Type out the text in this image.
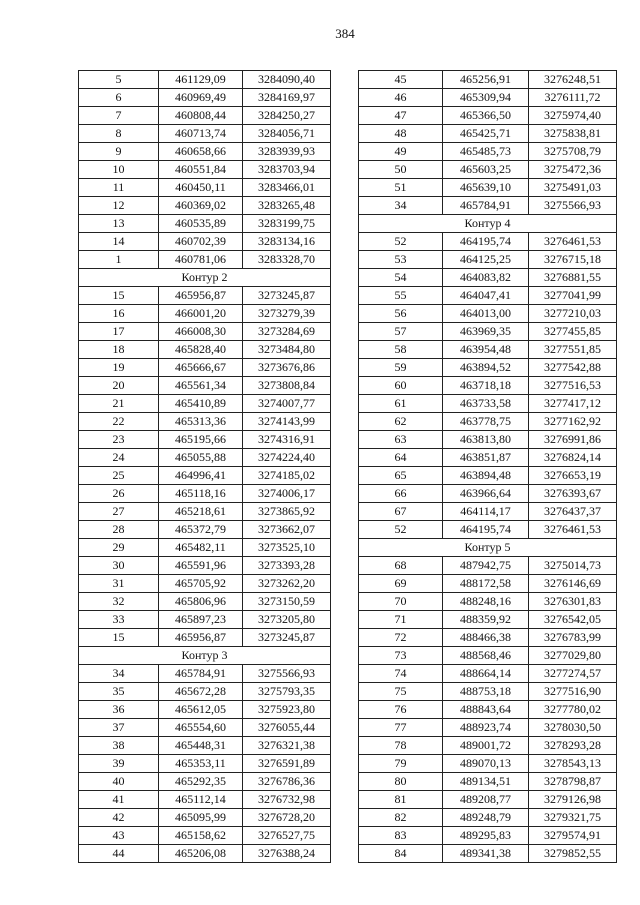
384
5	461129,09	3284090,40
6	460969,49	3284169,97
7	460808,44	3284250,27
8	460713,74	3284056,71
9	460658,66	3283939,93
10	460551,84	3283703,94
11	460450,11	3283466,01
12	460369,02	3283265,48
13	460535,89	3283199,75
14	460702,39	3283134,16
1	460781,06	3283328,70
Контур 2		
15	465956,87	3273245,87
16	466001,20	3273279,39
17	466008,30	3273284,69
18	465828,40	3273484,80
19	465666,67	3273676,86
20	465561,34	3273808,84
21	465410,89	3274007,77
22	465313,36	3274143,99
23	465195,66	3274316,91
24	465055,88	3274224,40
25	464996,41	3274185,02
26	465118,16	3274006,17
27	465218,61	3273865,92
28	465372,79	3273662,07
29	465482,11	3273525,10
30	465591,96	3273393,28
31	465705,92	3273262,20
32	465806,96	3273150,59
33	465897,23	3273205,80
15	465956,87	3273245,87
Контур 3		
34	465784,91	3275566,93
35	465672,28	3275793,35
36	465612,05	3275923,80
37	465554,60	3276055,44
38	465448,31	3276321,38
39	465353,11	3276591,89
40	465292,35	3276786,36
41	465112,14	3276732,98
42	465095,99	3276728,20
43	465158,62	3276527,75
44	465206,08	3276388,24
45	465256,91	3276248,51
46	465309,94	3276111,72
47	465366,50	3275974,40
48	465425,71	3275838,81
49	465485,73	3275708,79
50	465603,25	3275472,36
51	465639,10	3275491,03
34	465784,91	3275566,93
Контур 4		
52	464195,74	3276461,53
53	464125,25	3276715,18
54	464083,82	3276881,55
55	464047,41	3277041,99
56	464013,00	3277210,03
57	463969,35	3277455,85
58	463954,48	3277551,85
59	463894,52	3277542,88
60	463718,18	3277516,53
61	463733,58	3277417,12
62	463778,75	3277162,92
63	463813,80	3276991,86
64	463851,87	3276824,14
65	463894,48	3276653,19
66	463966,64	3276393,67
67	464114,17	3276437,37
52	464195,74	3276461,53
Контур 5		
68	487942,75	3275014,73
69	488172,58	3276146,69
70	488248,16	3276301,83
71	488359,92	3276542,05
72	488466,38	3276783,99
73	488568,46	3277029,80
74	488664,14	3277274,57
75	488753,18	3277516,90
76	488843,64	3277780,02
77	488923,74	3278030,50
78	489001,72	3278293,28
79	489070,13	3278543,13
80	489134,51	3278798,87
81	489208,77	3279126,98
82	489248,79	3279321,75
83	489295,83	3279574,91
84	489341,38	3279852,55
